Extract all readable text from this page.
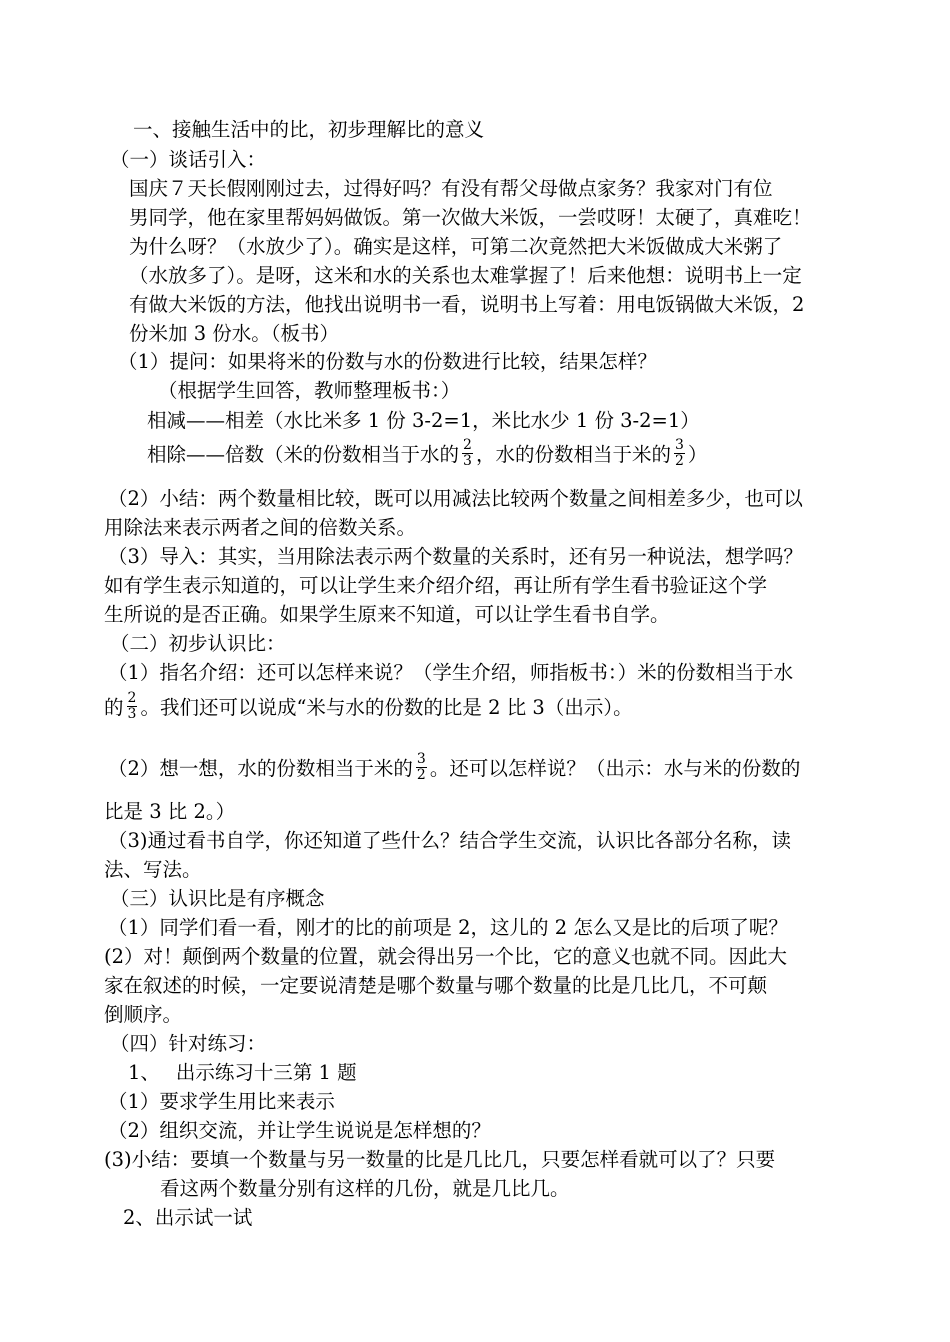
一、接触生活中的比，初步理解比的意义
（一）谈话引入：
国庆７天长假刚刚过去，过得好吗？有没有帮父母做点家务？我家对门有位
男同学，他在家里帮妈妈做饭。第一次做大米饭，一尝哎呀！太硬了，真难吃！
为什么呀？（水放少了）。确实是这样，可第二次竟然把大米饭做成大米粥了
（水放多了）。是呀，这米和水的关系也太难掌握了！后来他想：说明书上一定
有做大米饭的方法，他找出说明书一看，说明书上写着：用电饭锅做大米饭，2
份米加 3 份水。（板书）
（1）提问：如果将米的份数与水的份数进行比较，结果怎样？
（根据学生回答，教师整理板书：）
相减——相差（水比米多 1 份 3-2=1，米比水少 1 份 3-2=1）
相除——倍数（米的份数相当于水的 $\frac{2}{3}$ ，水的份数相当于米的 $\frac{3}{2}$ ）
（2）小结：两个数量相比较，既可以用减法比较两个数量之间相差多少，也可以
用除法来表示两者之间的倍数关系。
（3）导入：其实，当用除法表示两个数量的关系时，还有另一种说法，想学吗？
如有学生表示知道的，可以让学生来介绍介绍，再让所有学生看书验证这个学
生所说的是否正确。如果学生原来不知道，可以让学生看书自学。
（二）初步认识比：
（1）指名介绍：还可以怎样来说？（学生介绍，师指板书：）米的份数相当于水
的 $\frac{2}{3}$ 。我们还可以说成“米与水的份数的比是 2 比 3（出示）。
（2）想一想，水的份数相当于米的 $\frac{3}{2}$ 。还可以怎样说？（出示：水与米的份数的
比是 3 比 2。）
（3)通过看书自学，你还知道了些什么？结合学生交流，认识比各部分名称，读
法、写法。
（三）认识比是有序概念
（1）同学们看一看，刚才的比的前项是 2，这儿的 2 怎么又是比的后项了呢？
(2）对！颠倒两个数量的位置，就会得出另一个比，它的意义也就不同。因此大
家在叙述的时候，一定要说清楚是哪个数量与哪个数量的比是几比几，不可颠
倒顺序。
（四）针对练习：
1、　 出示练习十三第 1 题
（1）要求学生用比来表示
（2）组织交流，并让学生说说是怎样想的？
(3)小结：要填一个数量与另一数量的比是几比几，只要怎样看就可以了？只要
看这两个数量分别有这样的几份，就是几比几。
2、出示试一试
